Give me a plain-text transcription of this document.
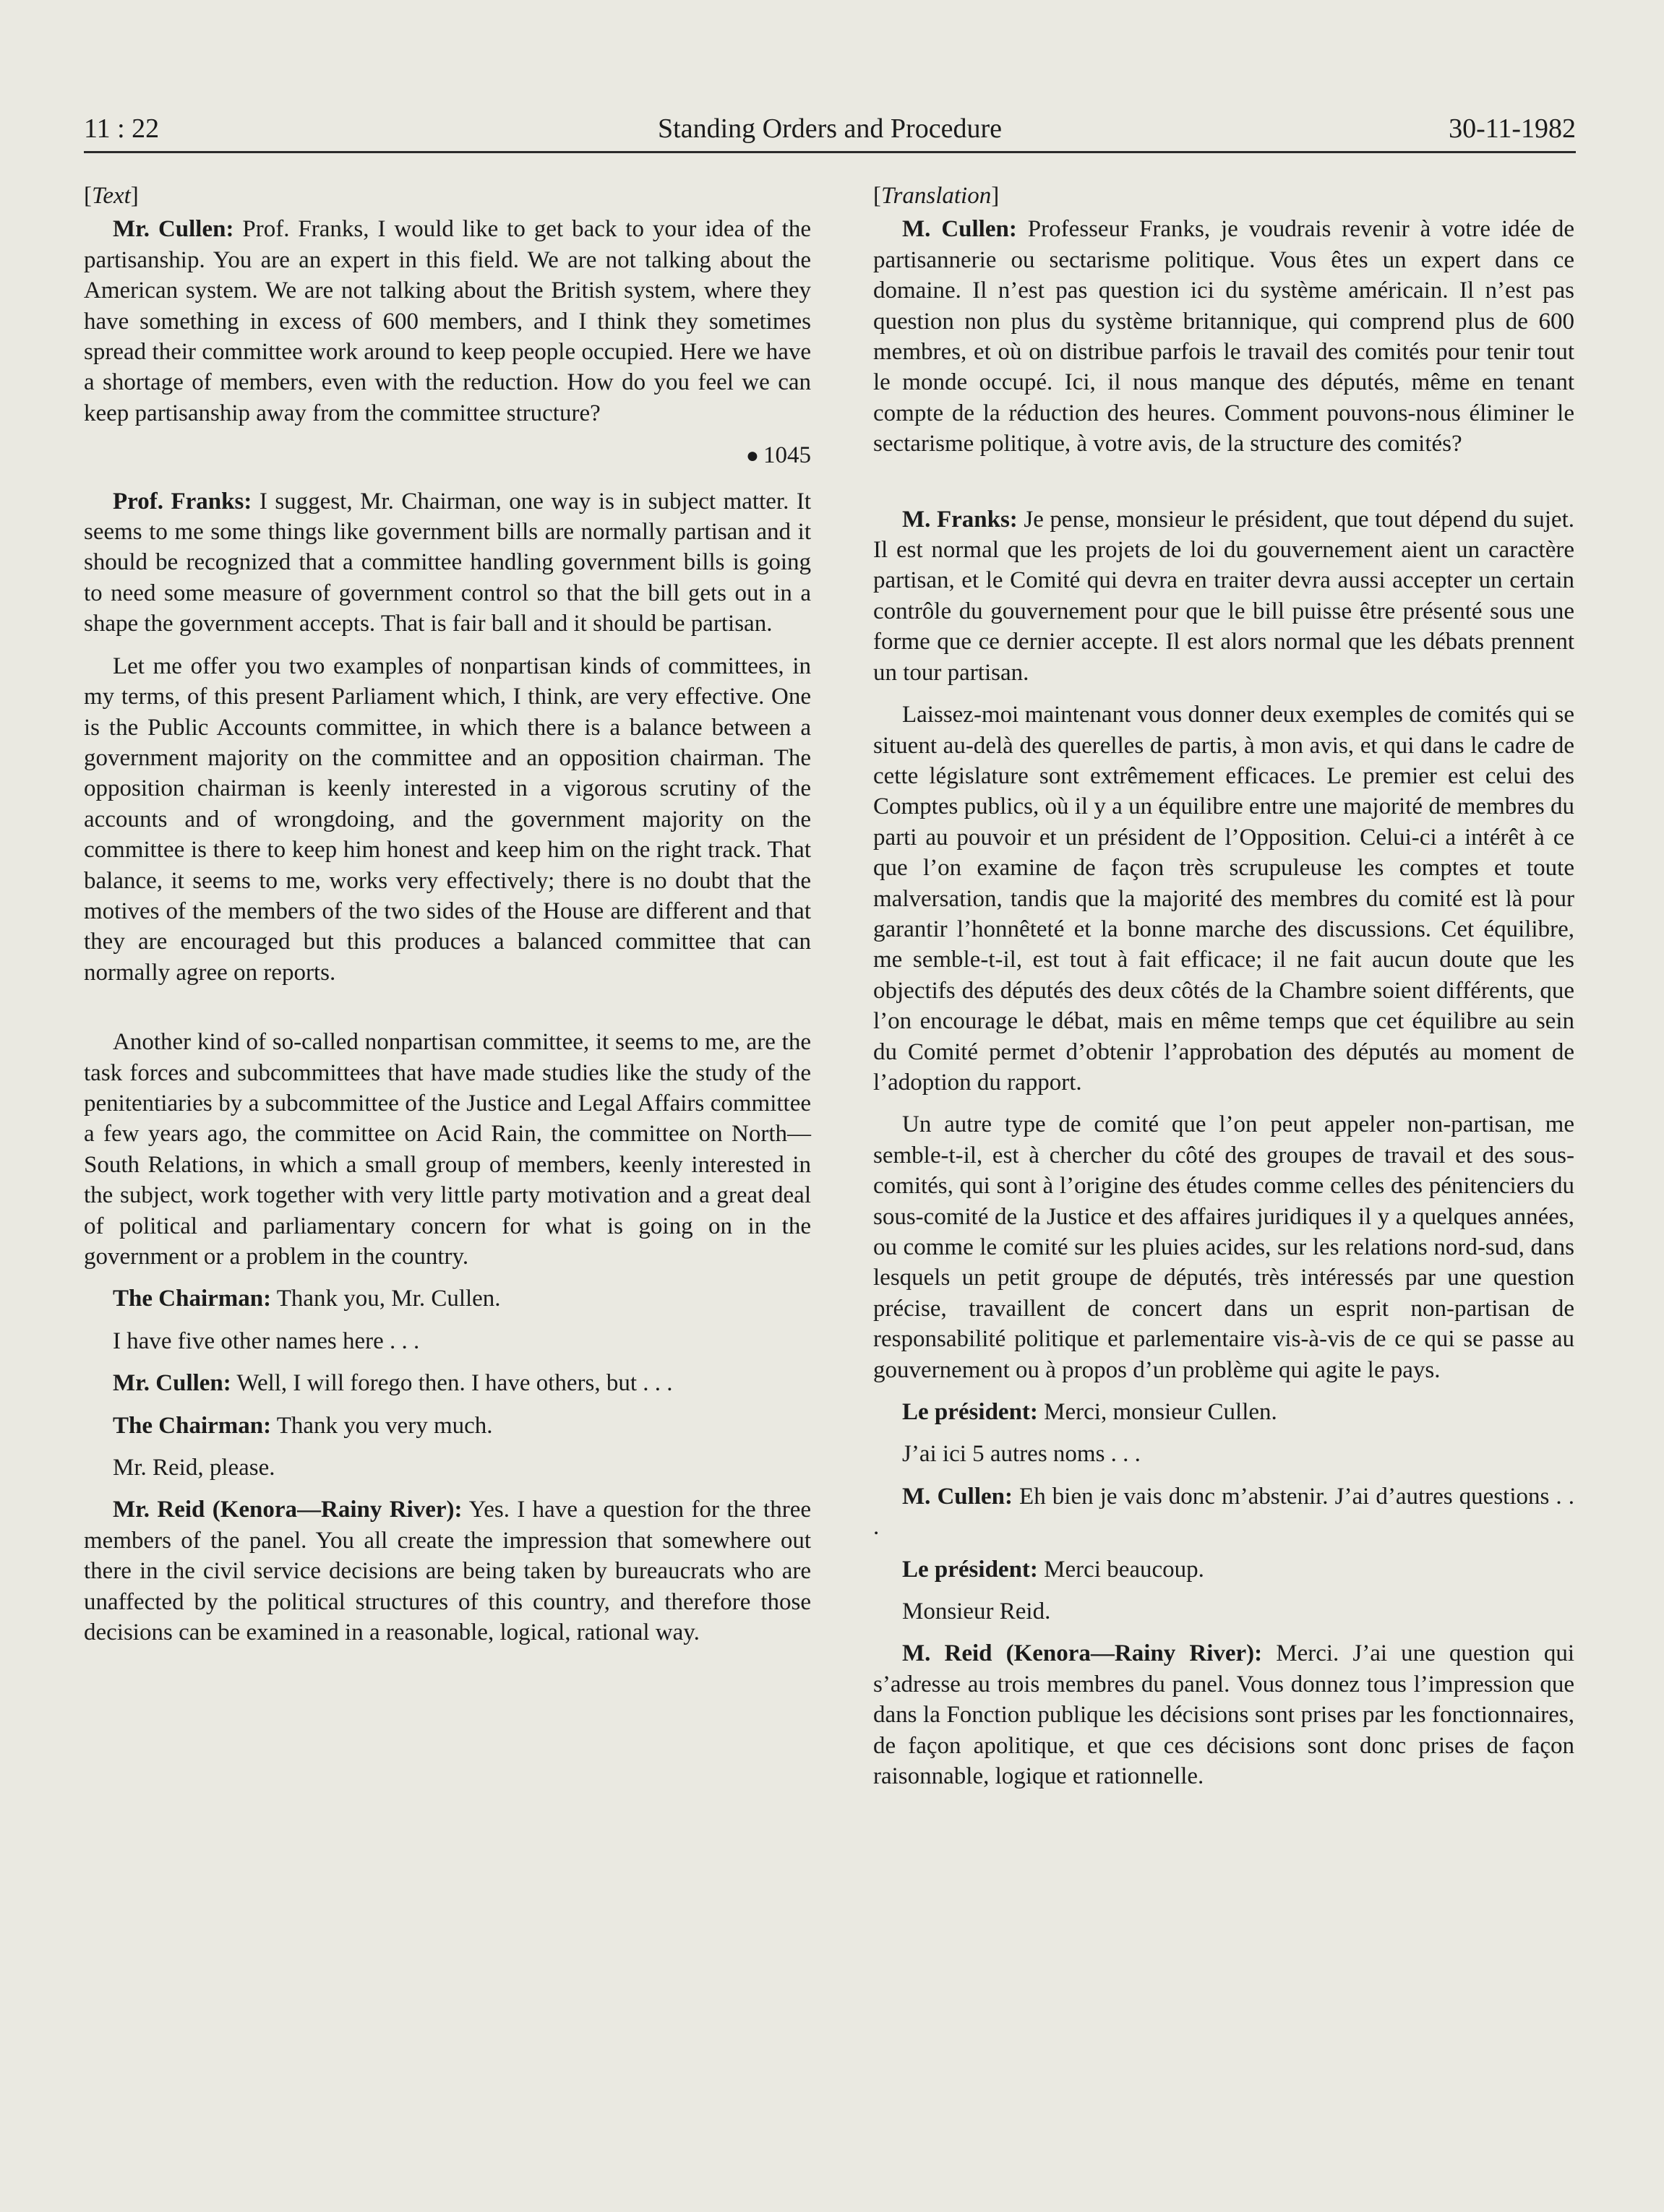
11 : 22	Standing Orders and Procedure	30-11-1982

[Text]

Mr. Cullen: Prof. Franks, I would like to get back to your idea of the partisanship. You are an expert in this field. We are not talking about the American system. We are not talking about the British system, where they have something in excess of 600 members, and I think they sometimes spread their committee work around to keep people occupied. Here we have a shortage of members, even with the reduction. How do you feel we can keep partisanship away from the committee structure?

● 1045

Prof. Franks: I suggest, Mr. Chairman, one way is in subject matter. It seems to me some things like government bills are normally partisan and it should be recognized that a committee handling government bills is going to need some measure of government control so that the bill gets out in a shape the government accepts. That is fair ball and it should be partisan.

Let me offer you two examples of nonpartisan kinds of committees, in my terms, of this present Parliament which, I think, are very effective. One is the Public Accounts committee, in which there is a balance between a government majority on the committee and an opposition chairman. The opposition chairman is keenly interested in a vigorous scrutiny of the accounts and of wrongdoing, and the government majority on the committee is there to keep him honest and keep him on the right track. That balance, it seems to me, works very effectively; there is no doubt that the motives of the members of the two sides of the House are different and that they are encouraged but this produces a balanced committee that can normally agree on reports.

Another kind of so-called nonpartisan committee, it seems to me, are the task forces and subcommittees that have made studies like the study of the penitentiaries by a subcommittee of the Justice and Legal Affairs committee a few years ago, the committee on Acid Rain, the committee on North—South Relations, in which a small group of members, keenly interested in the subject, work together with very little party motivation and a great deal of political and parliamentary concern for what is going on in the government or a problem in the country.

The Chairman: Thank you, Mr. Cullen.

I have five other names here . . .

Mr. Cullen: Well, I will forego then. I have others, but . . .

The Chairman: Thank you very much.

Mr. Reid, please.

Mr. Reid (Kenora—Rainy River): Yes. I have a question for the three members of the panel. You all create the impression that somewhere out there in the civil service decisions are being taken by bureaucrats who are unaffected by the political structures of this country, and therefore those decisions can be examined in a reasonable, logical, rational way.

[Translation]

M. Cullen: Professeur Franks, je voudrais revenir à votre idée de partisannerie ou sectarisme politique. Vous êtes un expert dans ce domaine. Il n’est pas question ici du système américain. Il n’est pas question non plus du système britannique, qui comprend plus de 600 membres, et où on distribue parfois le travail des comités pour tenir tout le monde occupé. Ici, il nous manque des députés, même en tenant compte de la réduction des heures. Comment pouvons-nous éliminer le sectarisme politique, à votre avis, de la structure des comités?

M. Franks: Je pense, monsieur le président, que tout dépend du sujet. Il est normal que les projets de loi du gouvernement aient un caractère partisan, et le Comité qui devra en traiter devra aussi accepter un certain contrôle du gouvernement pour que le bill puisse être présenté sous une forme que ce dernier accepte. Il est alors normal que les débats prennent un tour partisan.

Laissez-moi maintenant vous donner deux exemples de comités qui se situent au-delà des querelles de partis, à mon avis, et qui dans le cadre de cette législature sont extrêmement efficaces. Le premier est celui des Comptes publics, où il y a un équilibre entre une majorité de membres du parti au pouvoir et un président de l’Opposition. Celui-ci a intérêt à ce que l’on examine de façon très scrupuleuse les comptes et toute malversation, tandis que la majorité des membres du comité est là pour garantir l’honnêteté et la bonne marche des discussions. Cet équilibre, me semble-t-il, est tout à fait efficace; il ne fait aucun doute que les objectifs des députés des deux côtés de la Chambre soient différents, que l’on encourage le débat, mais en même temps que cet équilibre au sein du Comité permet d’obtenir l’approbation des députés au moment de l’adoption du rapport.

Un autre type de comité que l’on peut appeler non-partisan, me semble-t-il, est à chercher du côté des groupes de travail et des sous-comités, qui sont à l’origine des études comme celles des pénitenciers du sous-comité de la Justice et des affaires juridiques il y a quelques années, ou comme le comité sur les pluies acides, sur les relations nord-sud, dans lesquels un petit groupe de députés, très intéressés par une question précise, travaillent de concert dans un esprit non-partisan de responsabilité politique et parlementaire vis-à-vis de ce qui se passe au gouvernement ou à propos d’un problème qui agite le pays.

Le président: Merci, monsieur Cullen.

J’ai ici 5 autres noms . . .

M. Cullen: Eh bien je vais donc m’abstenir. J’ai d’autres questions . . .

Le président: Merci beaucoup.

Monsieur Reid.

M. Reid (Kenora—Rainy River): Merci. J’ai une question qui s’adresse au trois membres du panel. Vous donnez tous l’impression que dans la Fonction publique les décisions sont prises par les fonctionnaires, de façon apolitique, et que ces décisions sont donc prises de façon raisonnable, logique et rationnelle.
